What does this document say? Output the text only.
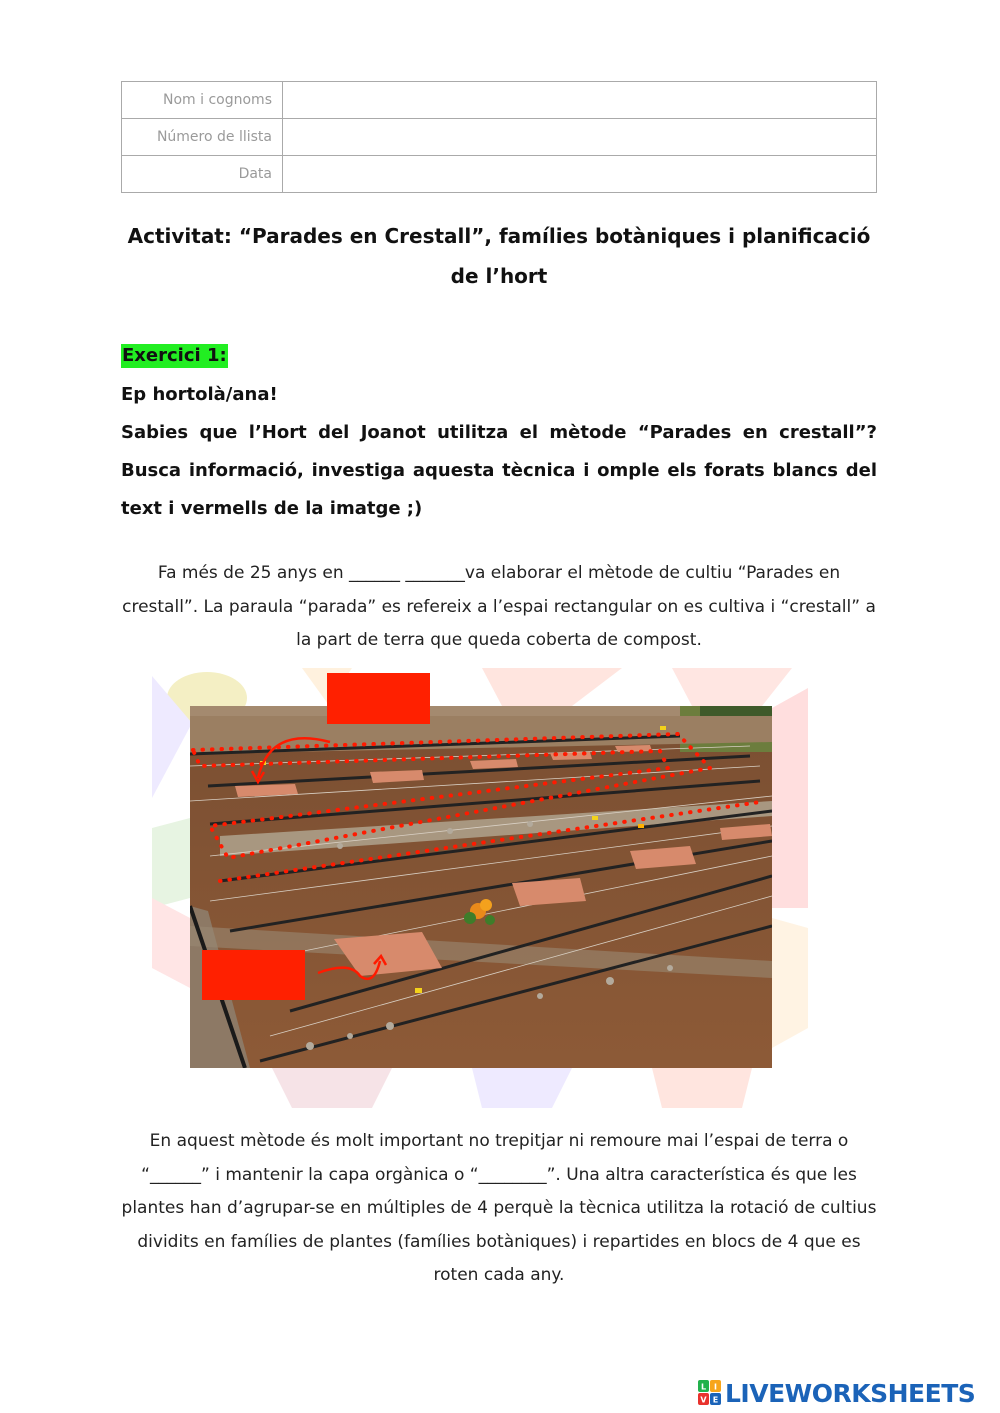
Nom i cognoms	
Número de llista	
Data	
Activitat: “Parades en Crestall”, famílies botàniques i planificació
de l’hort
Exercici 1:

Ep hortolà/ana!

Sabies que l’Hort del Joanot utilitza el mètode “Parades en crestall”? Busca informació, investiga aquesta tècnica i omple els forats blancs del text i vermells de la imatge ;)

Fa més de 25 anys en ______ _______va elaborar el mètode de cultiu “Parades en
crestall”. La paraula “parada” es refereix a l’espai rectangular on es cultiva i “crestall” a
la part de terra que queda coberta de compost.
En aquest mètode és molt important no trepitjar ni remoure mai l’espai de terra o
“______” i mantenir la capa orgànica o “________”. Una altra característica és que les
plantes han d’agrupar-se en múltiples de 4 perquè la tècnica utilitza la rotació de cultius
dividits en famílies de plantes (famílies botàniques) i repartides en blocs de 4 que es
roten cada any.
L I
V E LIVEWORKSHEETS
